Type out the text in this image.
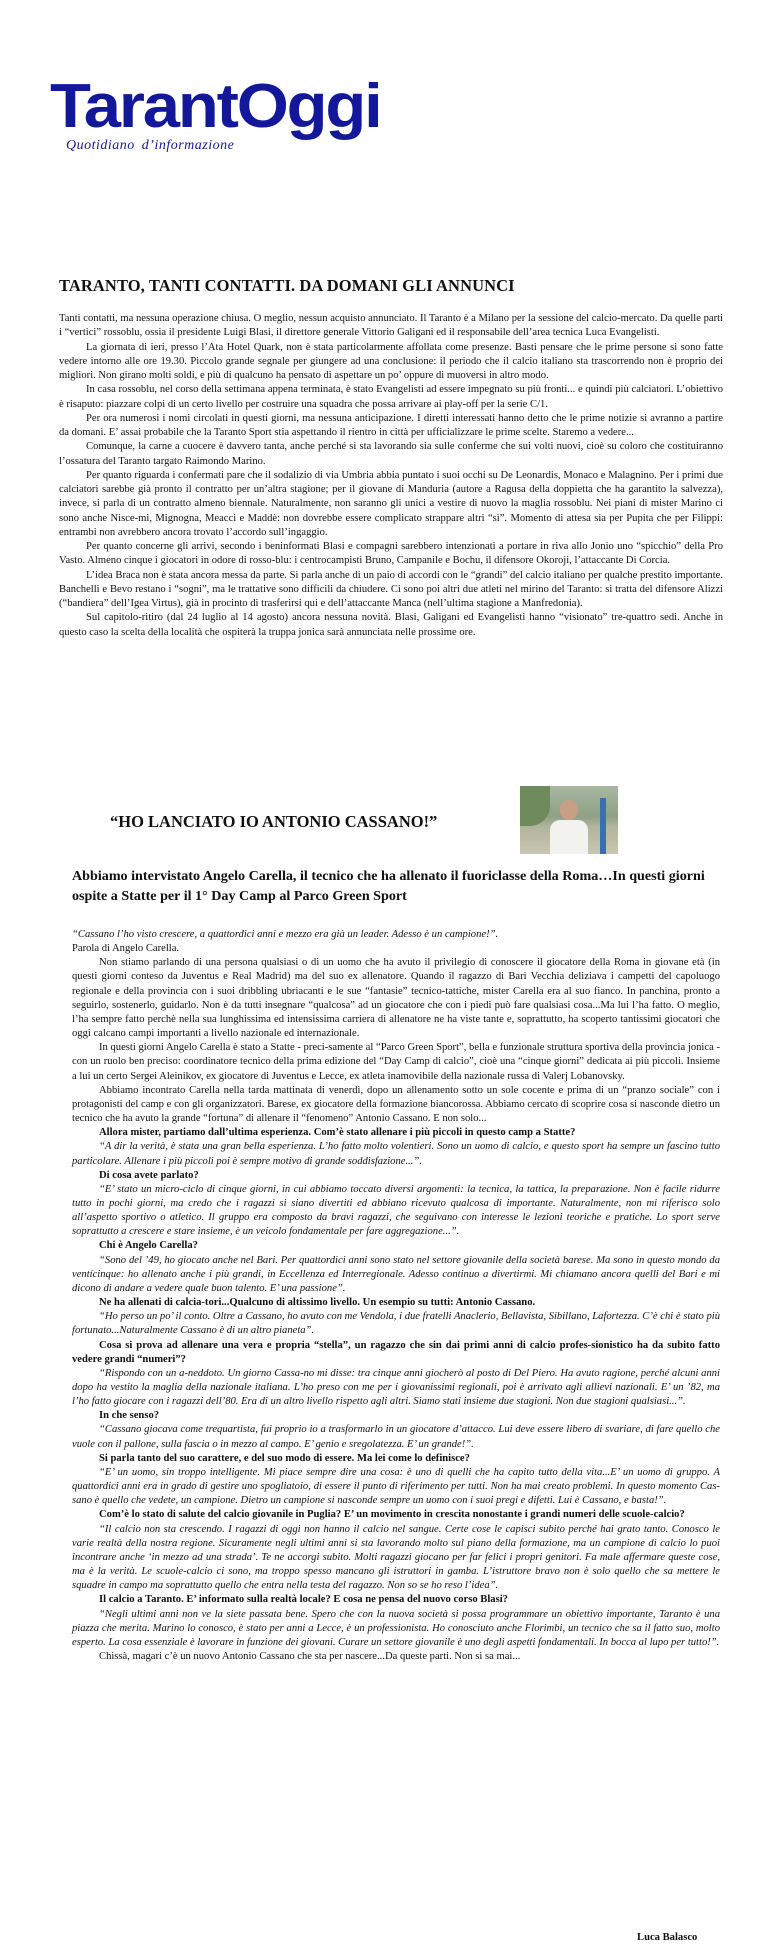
TarantOggi
Quotidiano d’informazione
TARANTO, TANTI CONTATTI. DA DOMANI GLI ANNUNCI

Tanti contatti, ma nessuna operazione chiusa. O meglio, nessun acquisto annunciato. Il Taranto è a Milano per la sessione del calcio-mercato. Da quelle parti i “vertici” rossoblu, ossia il presidente Luigi Blasi, il direttore generale Vittorio Galigani ed il responsabile dell’area tecnica Luca Evangelisti.

La giornata di ieri, presso l’Ata Hotel Quark, non è stata particolarmente affollata come presenze. Basti pensare che le prime persone si sono fatte vedere intorno alle ore 19.30. Piccolo grande segnale per giungere ad una conclusione: il periodo che il calcio italiano sta trascorrendo non è proprio dei migliori. Non girano molti soldi, e più di qualcuno ha pensato di aspettare un po’ oppure di muoversi in altro modo.

In casa rossoblu, nel corso della settimana appena terminata, è stato Evangelisti ad essere impegnato su più fronti... e quindi più calciatori. L’obiettivo è risaputo: piazzare colpi di un certo livello per costruire una squadra che possa arrivare ai play-off per la serie C/1.

Per ora numerosi i nomi circolati in questi giorni, ma nessuna anticipazione. I diretti interessati hanno detto che le prime notizie si avranno a partire da domani. E’ assai probabile che la Taranto Sport stia aspettando il rientro in città per ufficializzare le prime scelte. Staremo a vedere...

Comunque, la carne a cuocere è davvero tanta, anche perché si sta lavorando sia sulle conferme che sui volti nuovi, cioè su coloro che costituiranno l’ossatura del Taranto targato Raimondo Marino.

Per quanto riguarda i confermati pare che il sodalizio di via Umbria abbia puntato i suoi occhi su De Leonardis, Monaco e Malagnino. Per i primi due calciatori sarebbe già pronto il contratto per un’altra stagione; per il giovane di Manduria (autore a Ragusa della doppietta che ha garantito la salvezza), invece, si parla di un contratto almeno biennale. Naturalmente, non saranno gli unici a vestire di nuovo la maglia rossoblu. Nei piani di mister Marino ci sono anche Nisce-mi, Mignogna, Meacci e Maddè: non dovrebbe essere complicato strappare altri “sì”. Momento di attesa sia per Pupita che per Filippi: entrambi non avrebbero ancora trovato l’accordo sull’ingaggio.

Per quanto concerne gli arrivi, secondo i beninformati Blasi e compagni sarebbero intenzionati a portare in riva allo Jonio uno “spicchio” della Pro Vasto. Almeno cinque i giocatori in odore di rosso-blu: i centrocampisti Bruno, Campanile e Bochu, il difensore Okoroji, l’attaccante Di Corcia.

L’idea Braca non è stata ancora messa da parte. Si parla anche di un paio di accordi con le “grandi” del calcio italiano per qualche prestito importante. Banchelli e Bevo restano i “sogni”, ma le trattative sono difficili da chiudere. Ci sono poi altri due atleti nel mirino del Taranto: si tratta del difensore Alizzi (“bandiera” dell’Igea Virtus), già in procinto di trasferirsi qui e dell’attaccante Manca (nell’ultima stagione a Manfredonia).

Sul capitolo-ritiro (dal 24 luglio al 14 agosto) ancora nessuna novità. Blasi, Galigani ed Evangelisti hanno “visionato” tre-quattro sedi. Anche in questo caso la scelta della località che ospiterà la truppa jonica sarà annunciata nelle prossime ore.

“HO LANCIATO IO ANTONIO CASSANO!”
Abbiamo intervistato Angelo Carella, il tecnico che ha allenato il fuoriclasse della Roma…In questi giorni ospite a Statte per il 1° Day Camp al Parco Green Sport

“Cassano l’ho visto crescere, a quattordici anni e mezzo era già un leader. Adesso è un campione!”.

Parola di Angelo Carella.

Non stiamo parlando di una persona qualsiasi o di un uomo che ha avuto il privilegio di conoscere il giocatore della Roma in giovane età (in questi giorni conteso da Juventus e Real Madrid) ma del suo ex allenatore. Quando il ragazzo di Bari Vecchia deliziava i campetti del capoluogo regionale e della provincia con i suoi dribbling ubriacanti e le sue “fantasie” tecnico-tattiche, mister Carella era al suo fianco. In panchina, pronto a seguirlo, sostenerlo, guidarlo. Non è da tutti insegnare “qualcosa” ad un giocatore che con i piedi può fare qualsiasi cosa...Ma lui l’ha fatto. O meglio, l’ha sempre fatto perchè nella sua lunghissima ed intensissima carriera di allenatore ne ha viste tante e, soprattutto, ha scoperto tantissimi giocatori che oggi calcano campi importanti a livello nazionale ed internazionale.

In questi giorni Angelo Carella è stato a Statte - preci-samente al “Parco Green Sport”, bella e funzionale struttura sportiva della provincia jonica - con un ruolo ben preciso: coordinatore tecnico della prima edizione del “Day Camp di calcio”, cioè una “cinque giorni” dedicata ai più piccoli. Insieme a lui un certo Sergei Aleinikov, ex giocatore di Juventus e Lecce, ex atleta inamovibile della nazionale russa di Valerj Lobanovsky.

Abbiamo incontrato Carella nella tarda mattinata di venerdì, dopo un allenamento sotto un sole cocente e prima di un “pranzo sociale” con i protagonisti del camp e con gli organizzatori. Barese, ex giocatore della formazione biancorossa. Abbiamo cercato di scoprire cosa si nasconde dietro un tecnico che ha avuto la grande “fortuna” di allenare il “fenomeno” Antonio Cassano. E non solo...

Allora mister, partiamo dall’ultima esperienza. Com’è stato allenare i più piccoli in questo camp a Statte?

“A dir la verità, è stata una gran bella esperienza. L’ho fatto molto volentieri. Sono un uomo di calcio, e questo sport ha sempre un fascino tutto particolare. Allenare i più piccoli poi è sempre motivo di grande soddisfazione...”.

Di cosa avete parlato?

“E’ stato un micro-ciclo di cinque giorni, in cui abbiamo toccato diversi argomenti: la tecnica, la tattica, la preparazione. Non è facile ridurre tutto in pochi giorni, ma credo che i ragazzi si siano divertiti ed abbiano ricevuto qualcosa di importante. Naturalmente, non mi riferisco solo all’aspetto sportivo o atletico. Il gruppo era composto da bravi ragazzi, che seguivano con interesse le lezioni teoriche e pratiche. Lo sport serve soprattutto a crescere e stare insieme, è un veicolo fondamentale per fare aggregazione...”.

Chi è Angelo Carella?

“Sono del ’49, ho giocato anche nel Bari. Per quattordici anni sono stato nel settore giovanile della società barese. Ma sono in questo mondo da ventícinque: ho allenato anche i più grandi, in Eccellenza ed Interregionale. Adesso continuo a divertirmi. Mi chiamano ancora quelli del Bari e mi dicono di andare a vedere quale buon talento. E’ una passione”.

Ne ha allenati di calcia-tori...Qualcuno di altissimo livello. Un esempio su tutti: Antonio Cassano.

“Ho perso un po’ il conto. Oltre a Cassano, ho avuto con me Vendola, i due fratelli Anaclerio, Bellavista, Sibillano, Lafortezza. C’è chi è stato più fortunato...Naturalmente Cassano è di un altro pianeta”.

Cosa si prova ad allenare una vera e propria “stella”, un ragazzo che sin dai primi anni di calcio profes-sionistico ha da subito fatto vedere grandi “numeri”?

“Rispondo con un a-neddoto. Un giorno Cassa-no mi disse: tra cinque anni giocherò al posto di Del Piero. Ha avuto ragione, perché alcuni anni dopo ha vestito la maglia della nazionale italiana. L’ho preso con me per i giovanissimi regionali, poi è arrivato agli allievi nazionali. E’ un ’82, ma l’ho fatto giocare con i ragazzi dell’80. Era di un altro livello rispetto agli altri. Siamo stati insieme due stagioni. Non due stagioni qualsiasi...”.

In che senso?

“Cassano giocava come trequartista, fui proprio io a trasformarlo in un giocatore d’attacco. Lui deve essere libero di svariare, di fare quello che vuole con il pallone, sulla fascia o in mezzo al campo. E’ genio e sregolatezza. E’ un grande!”.

Si parla tanto del suo carattere, e del suo modo di essere. Ma lei come lo definisce?

“E’ un uomo, sin troppo intelligente. Mi piace sempre dire una cosa: è uno di quelli che ha capito tutto della vita...E’ un uomo di gruppo. A quattordici anni era in grado di gestire uno spogliatoio, di essere il punto di riferimento per tutti. Non ha mai creato problemi. In questo momento Cas-sano è quello che vedete, un campione. Dietro un campione si nasconde sempre un uomo con i suoi pregi e difetti. Lui è Cassano, e basta!”.

Com’è lo stato di salute del calcio giovanile in Puglia? E’ un movimento in crescita nonostante i grandi numeri delle scuole-calcio?

“Il calcio non sta crescendo. I ragazzi di oggi non hanno il calcio nel sangue. Certe cose le capisci subito perché hai grato tanto. Conosco le varie realtà della nostra regione. Sicuramente negli ultimi anni si sta lavorando molto sul piano della formazione, ma un campione di calcio lo puoi incontrare anche ‘in mezzo ad una strada’. Te ne accorgi subito. Molti ragazzi giocano per far felici i propri genitori. Fa male affermare queste cose, ma è la verità. Le scuole-calcio ci sono, ma troppo spesso mancano gli istruttori in gamba. L’istruttore bravo non è solo quello che sa mettere le squadre in campo ma soprattutto quello che entra nella testa del ragazzo. Non so se ho reso l’idea”.

Il calcio a Taranto. E’ informato sulla realtà locale? E cosa ne pensa del nuovo corso Blasi?

“Negli ultimi anni non ve la siete passata bene. Spero che con la nuova società si possa programmare un obiettivo importante, Taranto è una piazza che merita. Marino lo conosco, è stato per anni a Lecce, è un professionista. Ho conosciuto anche Florimbi, un tecnico che sa il fatto suo, molto esperto. La cosa essenziale è lavorare in funzione dei giovani. Curare un settore giovanile è uno degli aspetti fondamentali. In bocca al lupo per tutto!”.

Chissà, magari c’è un nuovo Antonio Cassano che sta per nascere...Da queste parti. Non si sa mai...

Luca Balasco
